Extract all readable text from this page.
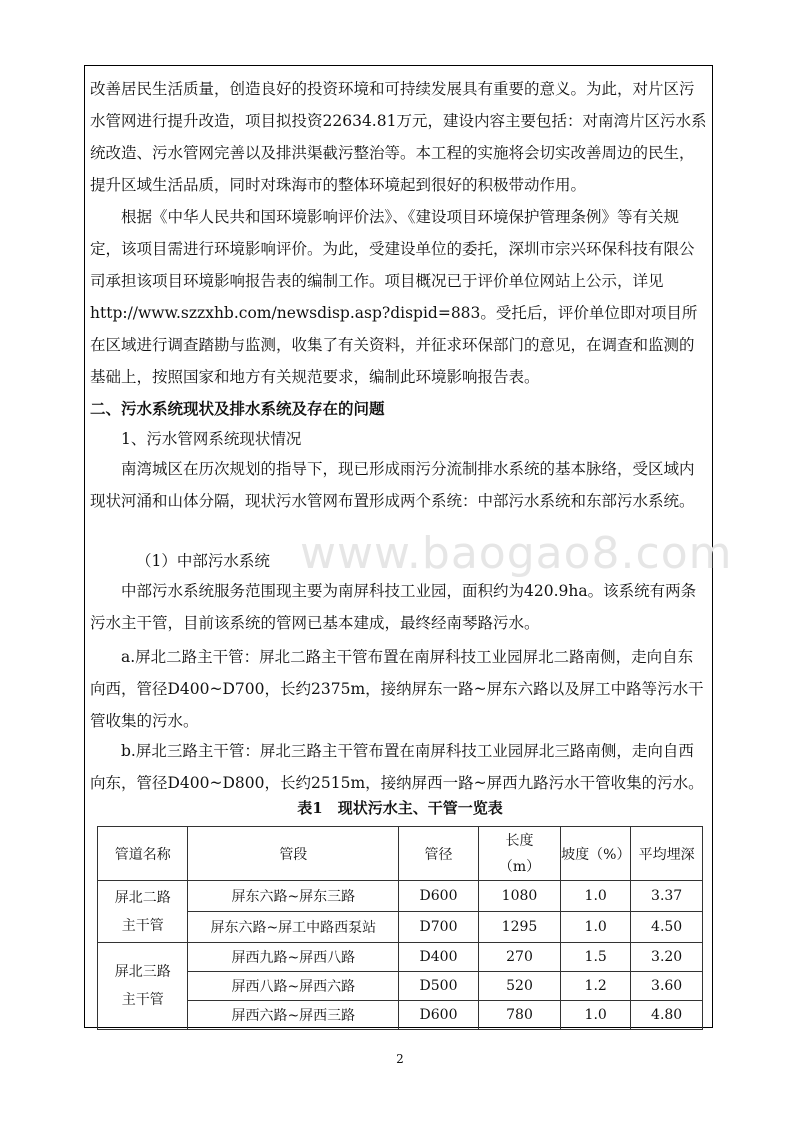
www.baogao8.com

改善居民生活质量，创造良好的投资环境和可持续发展具有重要的意义。为此，对片区污水管网进行提升改造，项目拟投资22634.81万元，建设内容主要包括：对南湾片区污水系统改造、污水管网完善以及排洪渠截污整治等。本工程的实施将会切实改善周边的民生，提升区域生活品质，同时对珠海市的整体环境起到很好的积极带动作用。

根据《中华人民共和国环境影响评价法》、《建设项目环境保护管理条例》等有关规定，该项目需进行环境影响评价。为此，受建设单位的委托，深圳市宗兴环保科技有限公司承担该项目环境影响报告表的编制工作。项目概况已于评价单位网站上公示，详见http://www.szzxhb.com/newsdisp.asp?dispid=883。受托后，评价单位即对项目所在区域进行调查踏勘与监测，收集了有关资料，并征求环保部门的意见，在调查和监测的基础上，按照国家和地方有关规范要求，编制此环境影响报告表。

二、污水系统现状及排水系统及存在的问题

1、污水管网系统现状情况

南湾城区在历次规划的指导下，现已形成雨污分流制排水系统的基本脉络，受区域内现状河涌和山体分隔，现状污水管网布置形成两个系统：中部污水系统和东部污水系统。

（1）中部污水系统

中部污水系统服务范围现主要为南屏科技工业园，面积约为420.9ha。该系统有两条污水主干管，目前该系统的管网已基本建成，最终经南琴路污水。

a.屏北二路主干管：屏北二路主干管布置在南屏科技工业园屏北二路南侧，走向自东向西，管径D400~D700，长约2375m，接纳屏东一路~屏东六路以及屏工中路等污水干管收集的污水。

b.屏北三路主干管：屏北三路主干管布置在南屏科技工业园屏北三路南侧，走向自西向东，管径D400~D800，长约2515m，接纳屏西一路~屏西九路污水干管收集的污水。

表1　现状污水主、干管一览表
管道名称	管段	管径	长度（m）	坡度（%）	平均埋深
屏北二路主干管	屏东六路~屏东三路	D600	1080	1.0	3.37
	屏东六路~屏工中路西泵站	D700	1295	1.0	4.50
屏北三路主干管	屏西九路~屏西八路	D400	270	1.5	3.20
	屏西八路~屏西六路	D500	520	1.2	3.60
	屏西六路~屏西三路	D600	780	1.0	4.80
2
